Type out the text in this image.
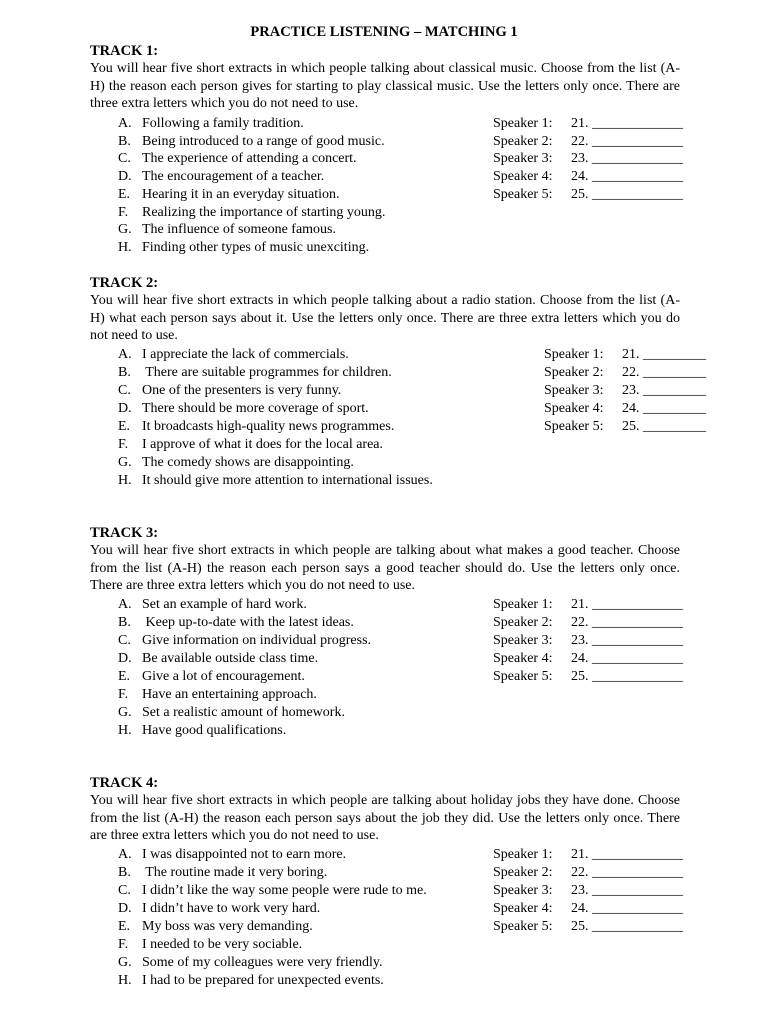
PRACTICE LISTENING – MATCHING 1

TRACK 1:

You will hear five short extracts in which people talking about classical music. Choose from the list (A-H) the reason each person gives for starting to play classical music. Use the letters only once. There are three extra letters which you do not need to use.

A. Following a family tradition.
B. Being introduced to a range of good music.
C. The experience of attending a concert.
D. The encouragement of a teacher.
E. Hearing it in an everyday situation.
F. Realizing the importance of starting young.
G. The influence of someone famous.
H. Finding other types of music unexciting.
Speaker 1: 21. _____________
Speaker 2: 22. _____________
Speaker 3: 23. _____________
Speaker 4: 24. _____________
Speaker 5: 25. _____________

TRACK 2:

You will hear five short extracts in which people talking about a radio station. Choose from the list (A-H) what each person says about it. Use the letters only once. There are three extra letters which you do not need to use.

A. I appreciate the lack of commercials.
B. There are suitable programmes for children.
C. One of the presenters is very funny.
D. There should be more coverage of sport.
E. It broadcasts high-quality news programmes.
F. I approve of what it does for the local area.
G. The comedy shows are disappointing.
H. It should give more attention to international issues.
Speaker 1: 21. _________
Speaker 2: 22. _________
Speaker 3: 23. _________
Speaker 4: 24. _________
Speaker 5: 25. _________

TRACK 3:

You will hear five short extracts in which people are talking about what makes a good teacher. Choose from the list (A-H) the reason each person says a good teacher should do. Use the letters only once. There are three extra letters which you do not need to use.

A. Set an example of hard work.
B. Keep up-to-date with the latest ideas.
C. Give information on individual progress.
D. Be available outside class time.
E. Give a lot of encouragement.
F. Have an entertaining approach.
G. Set a realistic amount of homework.
H. Have good qualifications.
Speaker 1: 21. _____________
Speaker 2: 22. _____________
Speaker 3: 23. _____________
Speaker 4: 24. _____________
Speaker 5: 25. _____________

TRACK 4:

You will hear five short extracts in which people are talking about holiday jobs they have done. Choose from the list (A-H) the reason each person says about the job they did. Use the letters only once. There are three extra letters which you do not need to use.

A. I was disappointed not to earn more.
B. The routine made it very boring.
C. I didn’t like the way some people were rude to me.
D. I didn’t have to work very hard.
E. My boss was very demanding.
F. I needed to be very sociable.
G. Some of my colleagues were very friendly.
H. I had to be prepared for unexpected events.
Speaker 1: 21. _____________
Speaker 2: 22. _____________
Speaker 3: 23. _____________
Speaker 4: 24. _____________
Speaker 5: 25. _____________
